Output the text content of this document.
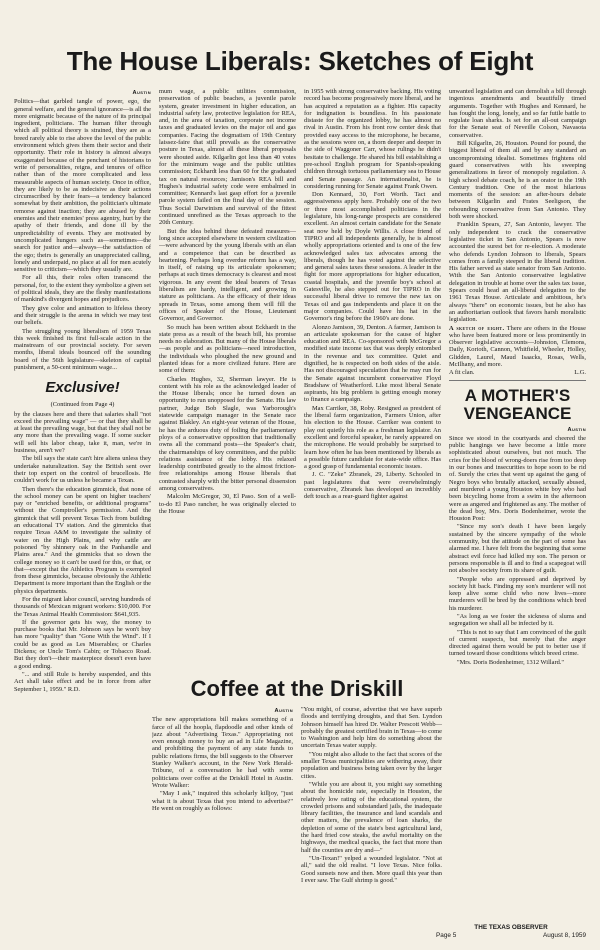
The House Liberals: Sketches of Eight

Austin

Politics—that garbled tangle of power, ego, the general welfare, and the general ignorance—is all the more enigmatic because of the nature of its principal ingredient, politicians. The human filter through which all political theory is strained, they are as a breed rarely able to rise above the level of the public environment which gives them their sector and their opportunity. Their role in history is almost always exaggerated because of the penchant of historians to write of personalities, reigns, and tenures of office rather than of the more complicated and less measurable aspects of human society. Once in office, they are likely to be as indecisive as their actions circumscribed by their fears—a tendency balanced somewhat by their ambition, the politician's ultimate remorse against inaction; they are abused by their enemies and their enemies' press agentry, hurt by the apathy of their friends, and done ill by the unpredictability of events. They are motivated by uncomplicated hungers such as—sometimes—the search for justice and—always—the satisfaction of the ego; theirs is generally an unappreciated calling, lonely and underpaid, no place at all for men acutely sensitive to criticism—which they usually are.

For all this, their roles often transcend the personal, for, to the extent they symbolize a given set of political ideals, they are the fleshy manifestations of mankind's divergent hopes and prejudices.

They give color and animation to lifeless theory and their struggle is the arena in which we may test our beliefs.

The struggling young liberalism of 1959 Texas this week finished its first full-scale action in the mainstream of our provincial society. For seven months, liberal ideals bounced off the sounding board of the 56th legislature—skeleton of capital punishment, a 50-cent minimum wage...

Exclusive!

(Continued from Page 4)

by the clauses here and there that salaries shall "not exceed the prevailing wage" — or that they shall be at least the prevailing wage, but that they shall not be any more than the prevailing wage. If some sucker will sell his labor cheap, take it, man, we're in business, aren't we?

The bill says the state can't hire aliens unless they undertake naturalization. Say the British sent over their top expert on the control of brucellosis. He couldn't work for us unless he became a Texan.

Then there's the education gimmick, that none of the school money can be spent on higher teachers' pay or "enriched benefits, or additional programs" without the Comptroller's permission. And the gimmick that will prevent Texas Tech from building an educational TV station. And the gimmicks that require Texas A&M to investigate the salinity of water on the High Plains, and why cattle are poisoned "by shinnery oak in the Panhandle and Plains area." And the gimmicks that so down the college money so it can't be used for this, or that, or that—except that the Athletics Program is exempted from these gimmicks, because obviously the Athletic Department is more important than the English or the physics departments.

For the migrant labor council, serving hundreds of thousands of Mexican migrant workers: $10,000. For the Texas Animal Health Commission: $641,935.

If the governor gets his way, the money to purchase books that Mr. Johnson says he won't buy has more "quality" than "Gone With the Wind". If I could be as good as Les Miserables; or Charles Dickens; or Uncle Tom's Cabin; or Tobacco Road. But they don't—their masterpiece doesn't even have a good ending.

"... and still Rule is hereby suspended, and this Act shall take effect and be in force from after September 1, 1959." R.D.

mum wage, a public utilities commission, preservation of public beaches, a juvenile parole system, greater investment in higher education, an industrial safety law, protective legislation for REA, and, in the area of taxation, corporate net income taxes and graduated levies on the major oil and gas companies. Facing the dogmatism of 19th Century laissez-faire that still prevails as the conservative posture in Texas, almost all these liberal proposals were shouted aside. Kilgarlin got less than 40 votes for the minimum wage and the public utilities commission; Eckhardt less than 60 for the graduated tax on natural resources; Jamison's REA bill and Hughes's industrial safety code were embalmed in committee; Kennard's last gasp effort for a juvenile parole system failed on the final day of the session. Thus Social Darwinism and survival of the fittest continued unrefined as the Texas approach to the 20th Century.

But the idea behind these defeated measures—long since accepted elsewhere in western civilization—were advanced by the young liberals with an élan and a competence that can be described as heartening. Perhaps long overdue reform has a way, in itself, of raising up its articulate spokesmen; perhaps at such times democracy is clearest and most vigorous. In any event the ideal bearers of Texas liberalism are hardy, intelligent, and growing in stature as politicians. As the efficacy of their ideas spreads in Texas, some among them will fill the offices of Speaker of the House, Lieutenant Governor, and Governor.

So much has been written about Eckhardt in the state press as a result of the beach bill, his promise needs no elaboration. But many of the House liberals—as people and as politicians—need introduction, the individuals who ploughed the new ground and planted ideas for a more civilized future. Here are some of them:

Charles Hughes, 32, Sherman lawyer. He is content with his role as the acknowledged leader of the House liberals; once he turned down an opportunity to run unopposed for the Senate. His law partner, Judge Bob Slagle, was Yarborough's statewide campaign manager in the Senate race against Blakley. An eight-year veteran of the House, he has the arduous duty of foiling the parliamentary ploys of a conservative opposition that traditionally owns all the command posts—the Speaker's chair, the chairmanships of key committees, and the public relations assistance of the lobby. His relaxed leadership contributed greatly to the almost friction-free relationships among House liberals that contrasted sharply with the bitter personal dissension among conservatives.

Malcolm McGregor, 30, El Paso. Son of a well-to-do El Paso rancher, he was originally elected to the House

in 1955 with strong conservative backing. His voting record has become progressively more liberal, and he has acquired a reputation as a fighter. His capacity for indignation is boundless. In his passionate distaste for the organized lobby, he has almost no rival in Austin. From his front row center desk that provided easy access to the microphone, he became, as the sessions wore on, a thorn deeper and deeper in the side of Waggoner Carr, whose rulings he didn't hesitate to challenge. He shared his bill establishing a pre-school English program for Spanish-speaking children through tortuous parliamentary sea to House and Senate passage. An internationalist, he is considering running for Senate against Frank Owen.

Don Kennard, 30, Fort Worth. Tact and aggressiveness apply here. Probably one of the two or three most accomplished politicians in the legislature, his long-range prospects are considered excellent. An almost certain candidate for the Senate seat now held by Doyle Willis. A close friend of TIPRO and all independents generally, he is almost wholly appropriations oriented and is one of the few acknowledged sales tax advocates among the liberals, though he has voted against the selective and general sales taxes these sessions. A leader in the fight for more appropriations for higher education, coastal hospitals, and the juvenile boy's school at Gatesville, he also stepped out for TIPRO in the successful liberal drive to remove the new tax on Texas oil and gas independents and place it on the major companies. Could have his hat in the Governor's ring before the 1960's are done.

Alonzo Jamison, 39, Denton. A farmer, Jamison is an articulate spokesman for the cause of higher education and REA. Co-sponsored with McGregor a modified state income tax that was deeply entombed in the revenue and tax committee. Quiet and dignified, he is respected on both sides of the aisle. Has not discouraged speculation that he may run for the Senate against incumbent conservative Floyd Bradshaw of Weatherford. Like most liberal Senate aspirants, his big problem is getting enough money to finance a campaign.

Max Carriker, 38, Roby. Resigned as president of the liberal farm organization, Farmers Union, after his election to the House. Carriker was content to play out quietly his role as a freshman legislator. An excellent and forceful speaker, he rarely appeared on the microphone. He would probably be surprised to learn how often he has been mentioned by liberals as a possible future candidate for state-wide office. Has a good grasp of fundamental economic issues.

J. C. "Zeke" Zbranek, 29, Liberty. Schooled in past legislatures that were overwhelmingly conservative, Zbranek has developed an incredibly deft touch as a rear-guard fighter against

unwanted legislation and can demolish a bill through ingenious amendments and beautifully timed arguments. Together with Hughes and Kennard, he has fought the long, lonely, and so far futile battle to regulate loan sharks. Is set for an all-out campaign for the Senate seat of Neveille Colson, Navasota conservative.

Bill Kilgarlin, 26, Houston. Pound for pound, the biggest liberal of them all and by any standard an uncompromising idealist. Sometimes frightens old guard conservatives with his sweeping generalizations in favor of monopoly regulation. A high school debate coach, he is an orator in the 19th Century tradition. One of the most hilarious moments of the session: an after-hours debate between Kilgarlin and Frates Seeligson, the rebounding conservative from San Antonio. They both were shocked.

Franklin Spears, 27, San Antonio, lawyer. The only independent to crack the conservative legislative ticket in San Antonio, Spears is now accounted the surest bet for re-election. A moderate who defends Lyndon Johnson to liberals, Spears comes from a family steeped in the liberal tradition. His father served as state senator from San Antonio. With the San Antonio conservative legislative delegation in trouble at home over the sales tax issue, Spears could head an all-liberal delegation to the 1961 Texas House. Articulate and ambitious, he's always "there" on economic issues, but he also has an authoritarian outlook that favors harsh moralistic legislation.

A sketch of eight. There are others in the House who have been featured more or less prominently in Observer legislative accounts—Johnston, Clemons, Daily, Korioth, Cannon, Whitfield, Wheeler, Holley, Glidden, Laurel, Maud Isaacks, Rosas, Wells, McIlhany, and more.

A fit clan.	L.G.

A MOTHER'S VENGEANCE

Austin

Since we stood in the courtyards and cheered the public hangings we have become a little more sophisticated about ourselves, but not much. The cries for the blood of wrong-doers rise from too deep in our bones and insecurities to hope soon to be rid of. Surely the cries that went up against the gang of Negro boys who brutally attacked, sexually abused, and murdered a young Houston white boy who had been bicycling home from a swim in the afternoon were as angered and frightened as any. The mother of the dead boy, Mrs. Doris Bodenheimer, wrote the Houston Post:

"Since my son's death I have been largely sustained by the sincere sympathy of the whole community, but the attitude on the part of some has alarmed me. I have felt from the beginning that some abstract evil force had killed my son. The person or persons responsible is ill and to find a scapegoat will not absolve society from its share of guilt.

"People who are oppressed and deprived by society hit back. Finding my son's murderer will not keep alive some child who now lives—more murderers will be bred by the conditions which bred his murderer.

"As long as we foster the sickness of slums and segregation we shall all be infected by it.

"This is not to say that I am convinced of the guilt of current suspects, but merely that the anger directed against them would be put to better use if turned toward those conditions which breed crime.

"Mrs. Doris Bodenheimer, 1312 Willard."

Coffee at the Driskill

Austin

The new appropriations bill makes something of a farce of all the hoopla, flapdoodle and other kinds of jazz about "Advertising Texas." Appropriating not even enough money to buy an ad in Life Magazine, and prohibiting the payment of any state funds to public relations firms, the bill suggests to the Observer Stanley Walker's account, in the New York Herald-Tribune, of a conversation he had with some politicians over coffee at the Driskill Hotel in Austin. Wrote Walker:

"May I ask," inquired this scholarly killjoy, "just what it is about Texas that you intend to advertise?" He went on roughly as follows:

"You might, of course, advertise that we have superb floods and terrifying droughts, and that Sen. Lyndon Johnson himself has hired Dr. Walter Prescott Webb—probably the greatest certified brain in Texas—to come to Washington and help him do something about the uncertain Texas water supply.

"You might also allude to the fact that scores of the smaller Texas municipalities are withering away, their population and business being taken over by the larger cities.

"While you are about it, you might say something about the homicide rate, especially in Houston, the relatively low rating of the educational system, the crowded prisons and substandard jails, the inadequate library facilities, the insurance and land scandals and other matters, the prevalence of loan sharks, the depletion of some of the state's best agricultural land, the hard fried cow steaks, the awful mortality on the highways, the medical quacks, the fact that more than half the counties are dry and—"

"Un-Texan!" yelped a wounded legislator. "Not at all," said the old realist. "I love Texas. Nice folks. Good sunsets now and then. More quail this year than I ever saw. The Gulf shrimp is good."

THE TEXAS OBSERVER
Page 5	August 8, 1959
